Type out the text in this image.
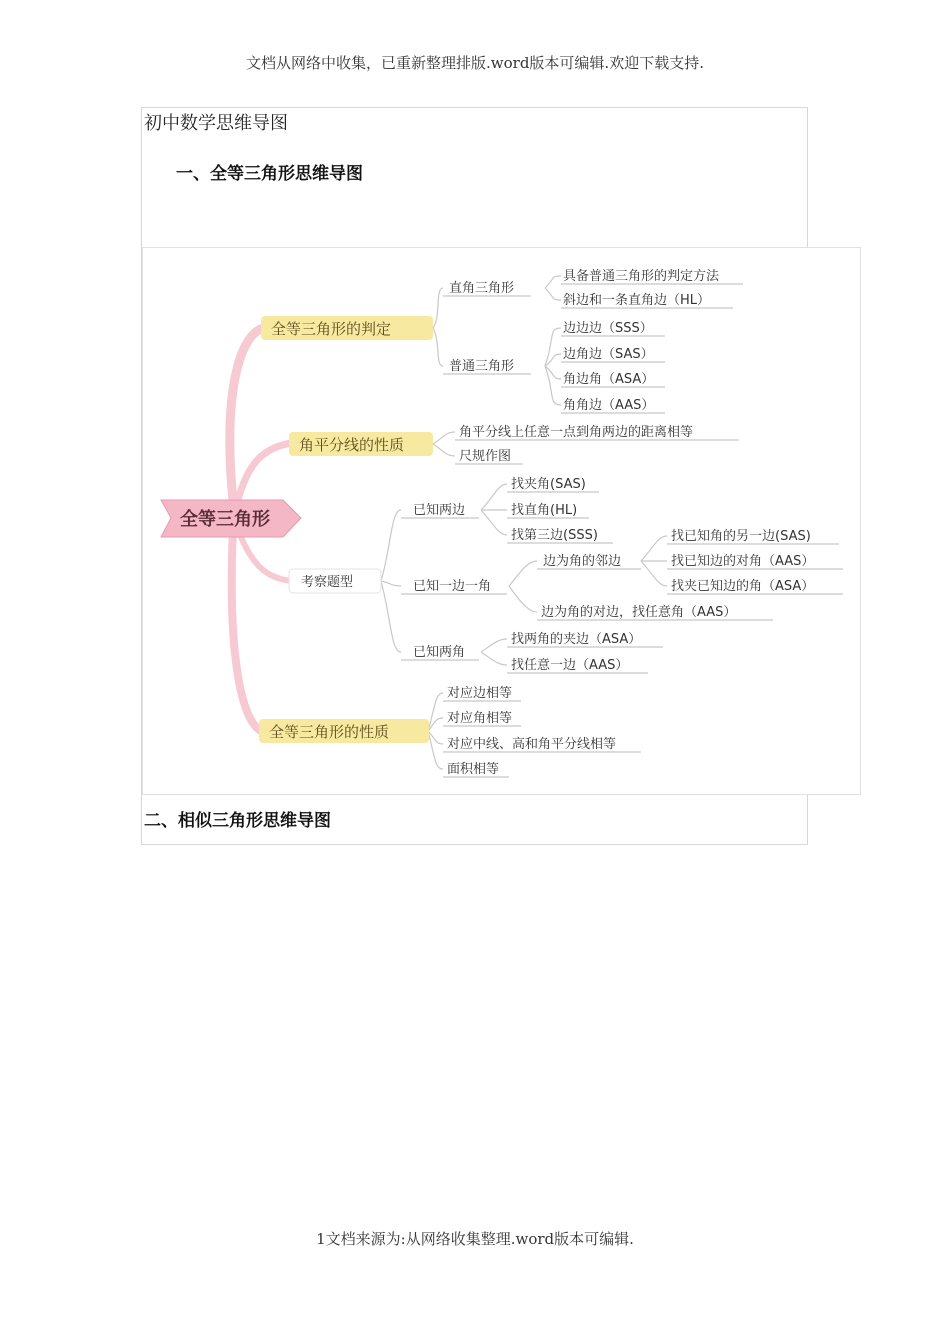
文档从网络中收集，已重新整理排版.word版本可编辑.欢迎下载支持.
初中数学思维导图
一、全等三角形思维导图
全等三角形
全等三角形的判定
角平分线的性质
考察题型
全等三角形的性质
直角三角形
普通三角形
具备普通三角形的判定方法
斜边和一条直角边（HL）
边边边（SSS）
边角边（SAS）
角边角（ASA）
角角边（AAS）
角平分线上任意一点到角两边的距离相等
尺规作图
已知两边
已知一边一角
已知两角
找夹角(SAS)
找直角(HL)
找第三边(SSS)
边为角的邻边
找已知角的另一边(SAS)
找已知边的对角（AAS）
找夹已知边的角（ASA）
边为角的对边，找任意角（AAS）
找两角的夹边（ASA）
找任意一边（AAS）
对应边相等
对应角相等
对应中线、高和角平分线相等
面积相等
二、相似三角形思维导图
1文档来源为:从网络收集整理.word版本可编辑.
